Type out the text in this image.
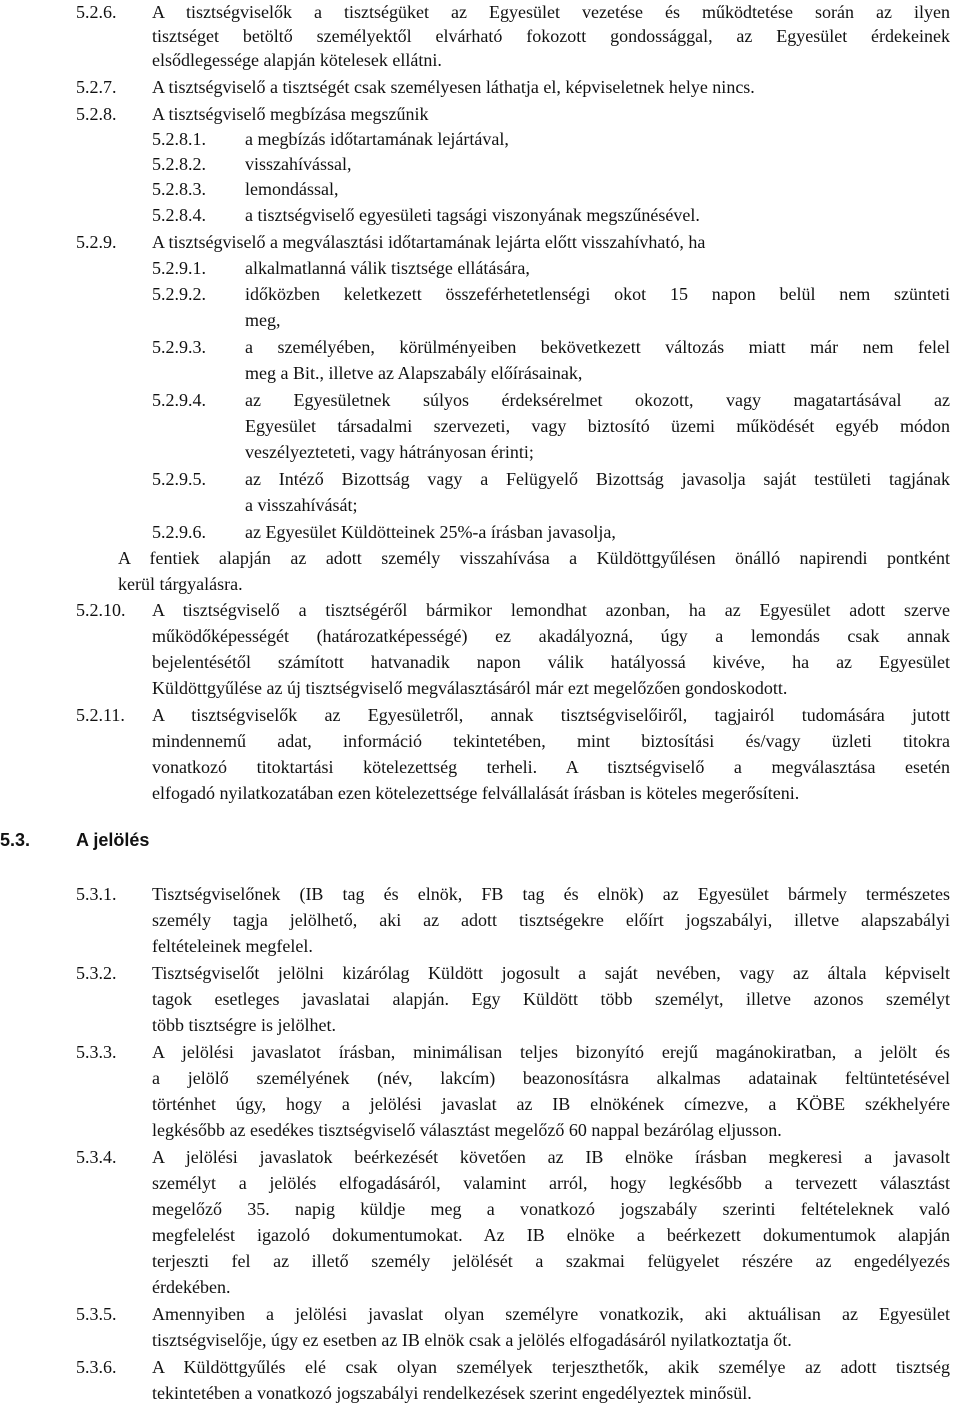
5.2.6. A tisztségviselők a tisztségüket az Egyesület vezetése és működtetése során az ilyen
tisztséget betöltő személyektől elvárható fokozott gondossággal, az Egyesület érdekeinek
elsődlegessége alapján kötelesek ellátni.
5.2.7. A tisztségviselő a tisztségét csak személyesen láthatja el, képviseletnek helye nincs.
5.2.8. A tisztségviselő megbízása megszűnik
5.2.8.1. a megbízás időtartamának lejártával,
5.2.8.2. visszahívással,
5.2.8.3. lemondással,
5.2.8.4. a tisztségviselő egyesületi tagsági viszonyának megszűnésével.
5.2.9. A tisztségviselő a megválasztási időtartamának lejárta előtt visszahívható, ha
5.2.9.1. alkalmatlanná válik tisztsége ellátására,
5.2.9.2. időközben keletkezett összeférhetetlenségi okot 15 napon belül nem szünteti
meg,
5.2.9.3. a személyében, körülményeiben bekövetkezett változás miatt már nem felel
meg a Bit., illetve az Alapszabály előírásainak,
5.2.9.4. az Egyesületnek súlyos érdeksérelmet okozott, vagy magatartásával az
Egyesület társadalmi szervezeti, vagy biztosító üzemi működését egyéb módon
veszélyezteteti, vagy hátrányosan érinti;
5.2.9.5. az Intéző Bizottság vagy a Felügyelő Bizottság javasolja saját testületi tagjának
a visszahívását;
5.2.9.6. az Egyesület Küldötteinek 25%-a írásban javasolja,
A fentiek alapján az adott személy visszahívása a Küldöttgyűlésen önálló napirendi pontként
kerül tárgyalásra.
5.2.10. A tisztségviselő a tisztségéről bármikor lemondhat azonban, ha az Egyesület adott szerve
működőképességét (határozatképességé) ez akadályozná, úgy a lemondás csak annak
bejelentésétől számított hatvanadik napon válik hatályossá kivéve, ha az Egyesület
Küldöttgyűlése az új tisztségviselő megválasztásáról már ezt megelőzően gondoskodott.
5.2.11. A tisztségviselők az Egyesületről, annak tisztségviselőiről, tagjairól tudomására jutott
mindennemű adat, információ tekintetében, mint biztosítási és/vagy üzleti titokra
vonatkozó titoktartási kötelezettség terheli. A tisztségviselő a megválasztása esetén
elfogadó nyilatkozatában ezen kötelezettsége felvállalását írásban is köteles megerősíteni.
5.3.	A jelölés
5.3.1. Tisztségviselőnek (IB tag és elnök, FB tag és elnök) az Egyesület bármely természetes
személy tagja jelölhető, aki az adott tisztségekre előírt jogszabályi, illetve alapszabályi
feltételeinek megfelel.
5.3.2. Tisztségviselőt jelölni kizárólag Küldött jogosult a saját nevében, vagy az általa képviselt
tagok esetleges javaslatai alapján. Egy Küldött több személyt, illetve azonos személyt
több tisztségre is jelölhet.
5.3.3. A jelölési javaslatot írásban, minimálisan teljes bizonyító erejű magánokiratban, a jelölt és
a jelölő személyének (név, lakcím) beazonosításra alkalmas adatainak feltüntetésével
történhet úgy, hogy a jelölési javaslat az IB elnökének címezve, a KÖBE székhelyére
legkésőbb az esedékes tisztségviselő választást megelőző 60 nappal bezárólag eljusson.
5.3.4. A jelölési javaslatok beérkezését követően az IB elnöke írásban megkeresi a javasolt
személyt a jelölés elfogadásáról, valamint arról, hogy legkésőbb a tervezett választást
megelőző 35. napig küldje meg a vonatkozó jogszabály szerinti feltételeknek való
megfelelést igazoló dokumentumokat. Az IB elnöke a beérkezett dokumentumok alapján
terjeszti fel az illető személy jelölését a szakmai felügyelet részére az engedélyezés
érdekében.
5.3.5. Amennyiben a jelölési javaslat olyan személyre vonatkozik, aki aktuálisan az Egyesület
tisztségviselője, úgy ez esetben az IB elnök csak a jelölés elfogadásáról nyilatkoztatja őt.
5.3.6. A Küldöttgyűlés elé csak olyan személyek terjeszthetők, akik személye az adott tisztség
tekintetében a vonatkozó jogszabályi rendelkezések szerint engedélyeztek minősül.
